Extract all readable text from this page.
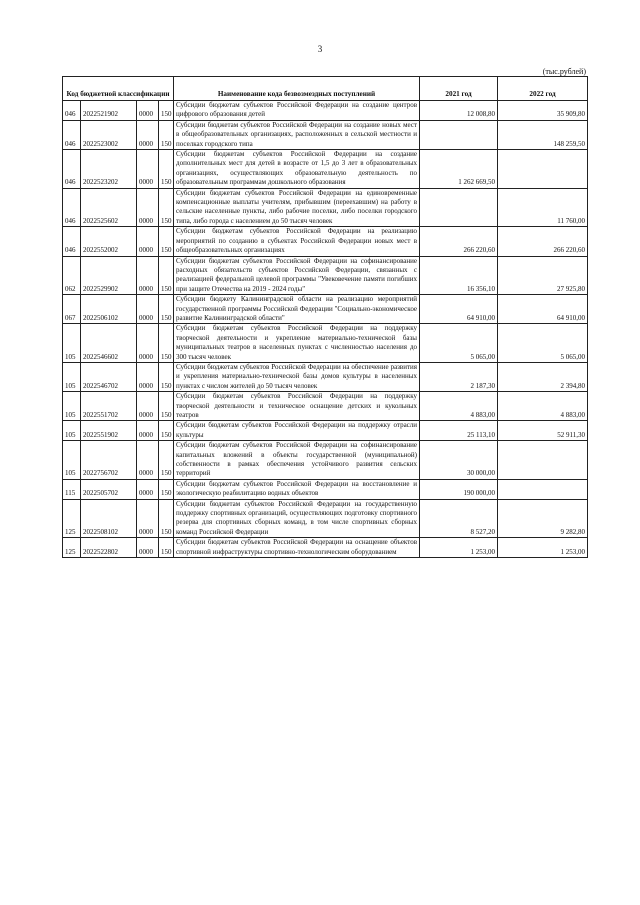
3
(тыс.рублей)
Код бюджетной классификации				Наименование кода безвозмездных поступлений	2021 год	2022 год
046	2022521902	0000	150	Субсидии бюджетам субъектов Российской Федерации на создание центров цифрового образования детей	12 008,80	35 909,80
046	2022523002	0000	150	Субсидии бюджетам субъектов Российской Федерации на создание новых мест в общеобразовательных организациях, расположенных в сельской местности и поселках городского типа		148 259,50
046	2022523202	0000	150	Субсидии бюджетам субъектов Российской Федерации на создание дополнительных мест для детей в возрасте от 1,5 до 3 лет в образовательных организациях, осуществляющих образовательную деятельность по образовательным программам дошкольного образования	1 262 669,50	
046	2022525602	0000	150	Субсидии бюджетам субъектов Российской Федерации на единовременные компенсационные выплаты учителям, прибывшим (переехавшим) на работу в сельские населенные пункты, либо рабочие поселки, либо поселки городского типа, либо города с населением до 50 тысяч человек		11 760,00
046	2022552002	0000	150	Субсидии бюджетам субъектов Российской Федерации на реализацию мероприятий по созданию в субъектах Российской Федерации новых мест в общеобразовательных организациях	266 220,60	266 220,60
062	2022529902	0000	150	Субсидии бюджетам субъектов Российской Федерации на софинансирование расходных обязательств субъектов Российской Федерации, связанных с реализацией федеральной целевой программы "Увековечение памяти погибших при защите Отечества на 2019 - 2024 годы"	16 356,10	27 925,80
067	2022506102	0000	150	Субсидии бюджету Калининградской области на реализацию мероприятий государственной программы Российской Федерации "Социально-экономическое развитие Калининградской области"	64 910,00	64 910,00
105	2022546602	0000	150	Субсидии бюджетам субъектов Российской Федерации на поддержку творческой деятельности и укрепление материально-технической базы муниципальных театров в населенных пунктах с численностью населения до 300 тысяч человек	5 065,00	5 065,00
105	2022546702	0000	150	Субсидии бюджетам субъектов Российской Федерации на обеспечение развития и укрепления материально-технической базы домов культуры в населенных пунктах с числом жителей до 50 тысяч человек	2 187,30	2 394,80
105	2022551702	0000	150	Субсидии бюджетам субъектов Российской Федерации на поддержку творческой деятельности и техническое оснащение детских и кукольных театров	4 883,00	4 883,00
105	2022551902	0000	150	Субсидии бюджетам субъектов Российской Федерации на поддержку отрасли культуры	25 113,10	52 911,30
105	2022756702	0000	150	Субсидии бюджетам субъектов Российской Федерации на софинансирование капитальных вложений в объекты государственной (муниципальной) собственности в рамках обеспечения устойчивого развития сельских территорий	30 000,00	
115	2022505702	0000	150	Субсидии бюджетам субъектов Российской Федерации на восстановление и экологическую реабилитацию водных объектов	190 000,00	
125	2022508102	0000	150	Субсидии бюджетам субъектов Российской Федерации на государственную поддержку спортивных организаций, осуществляющих подготовку спортивного резерва для спортивных сборных команд, в том числе спортивных сборных команд Российской Федерации	8 527,20	9 282,80
125	2022522802	0000	150	Субсидии бюджетам субъектов Российской Федерации на оснащение объектов спортивной инфраструктуры спортивно-технологическим оборудованием	1 253,00	1 253,00
